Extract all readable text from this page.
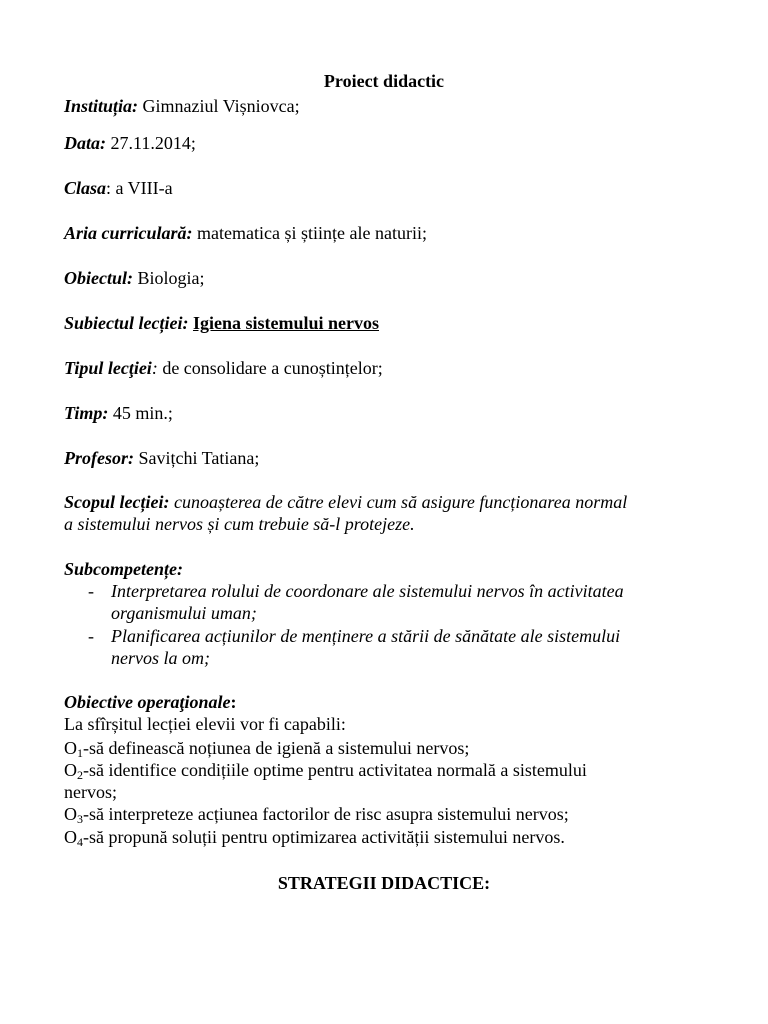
Proiect didactic
Instituția: Gimnaziul Vișniovca;
Data: 27.11.2014;
Clasa: a VIII-a
Aria curriculară: matematica și științe ale naturii;
Obiectul: Biologia;
Subiectul lecției: Igiena sistemului nervos
Tipul lecţiei: de consolidare a cunoștințelor;
Timp: 45 min.;
Profesor: Savițchi Tatiana;
Scopul lecției: cunoașterea de către elevi cum să asigure funcționarea normal
a sistemului nervos și cum trebuie să-l protejeze.
Subcompetențe:
- Interpretarea rolului de coordonare ale sistemului nervos în activitatea
organismului uman;
- Planificarea acțiunilor de menținere a stării de sănătate ale sistemului
nervos la om;
Obiective operaţionale:
La sfîrșitul lecției elevii vor fi capabili:
$O_1-să$ definească noțiunea de igienă a sistemului nervos;
$O_2-să$ identifice condițiile optime pentru activitatea normală a sistemului
nervos;
$O_3-să$ interpreteze acțiunea factorilor de risc asupra sistemului nervos;
$O_4-să$ propună soluții pentru optimizarea activității sistemului nervos.
STRATEGII DIDACTICE:
